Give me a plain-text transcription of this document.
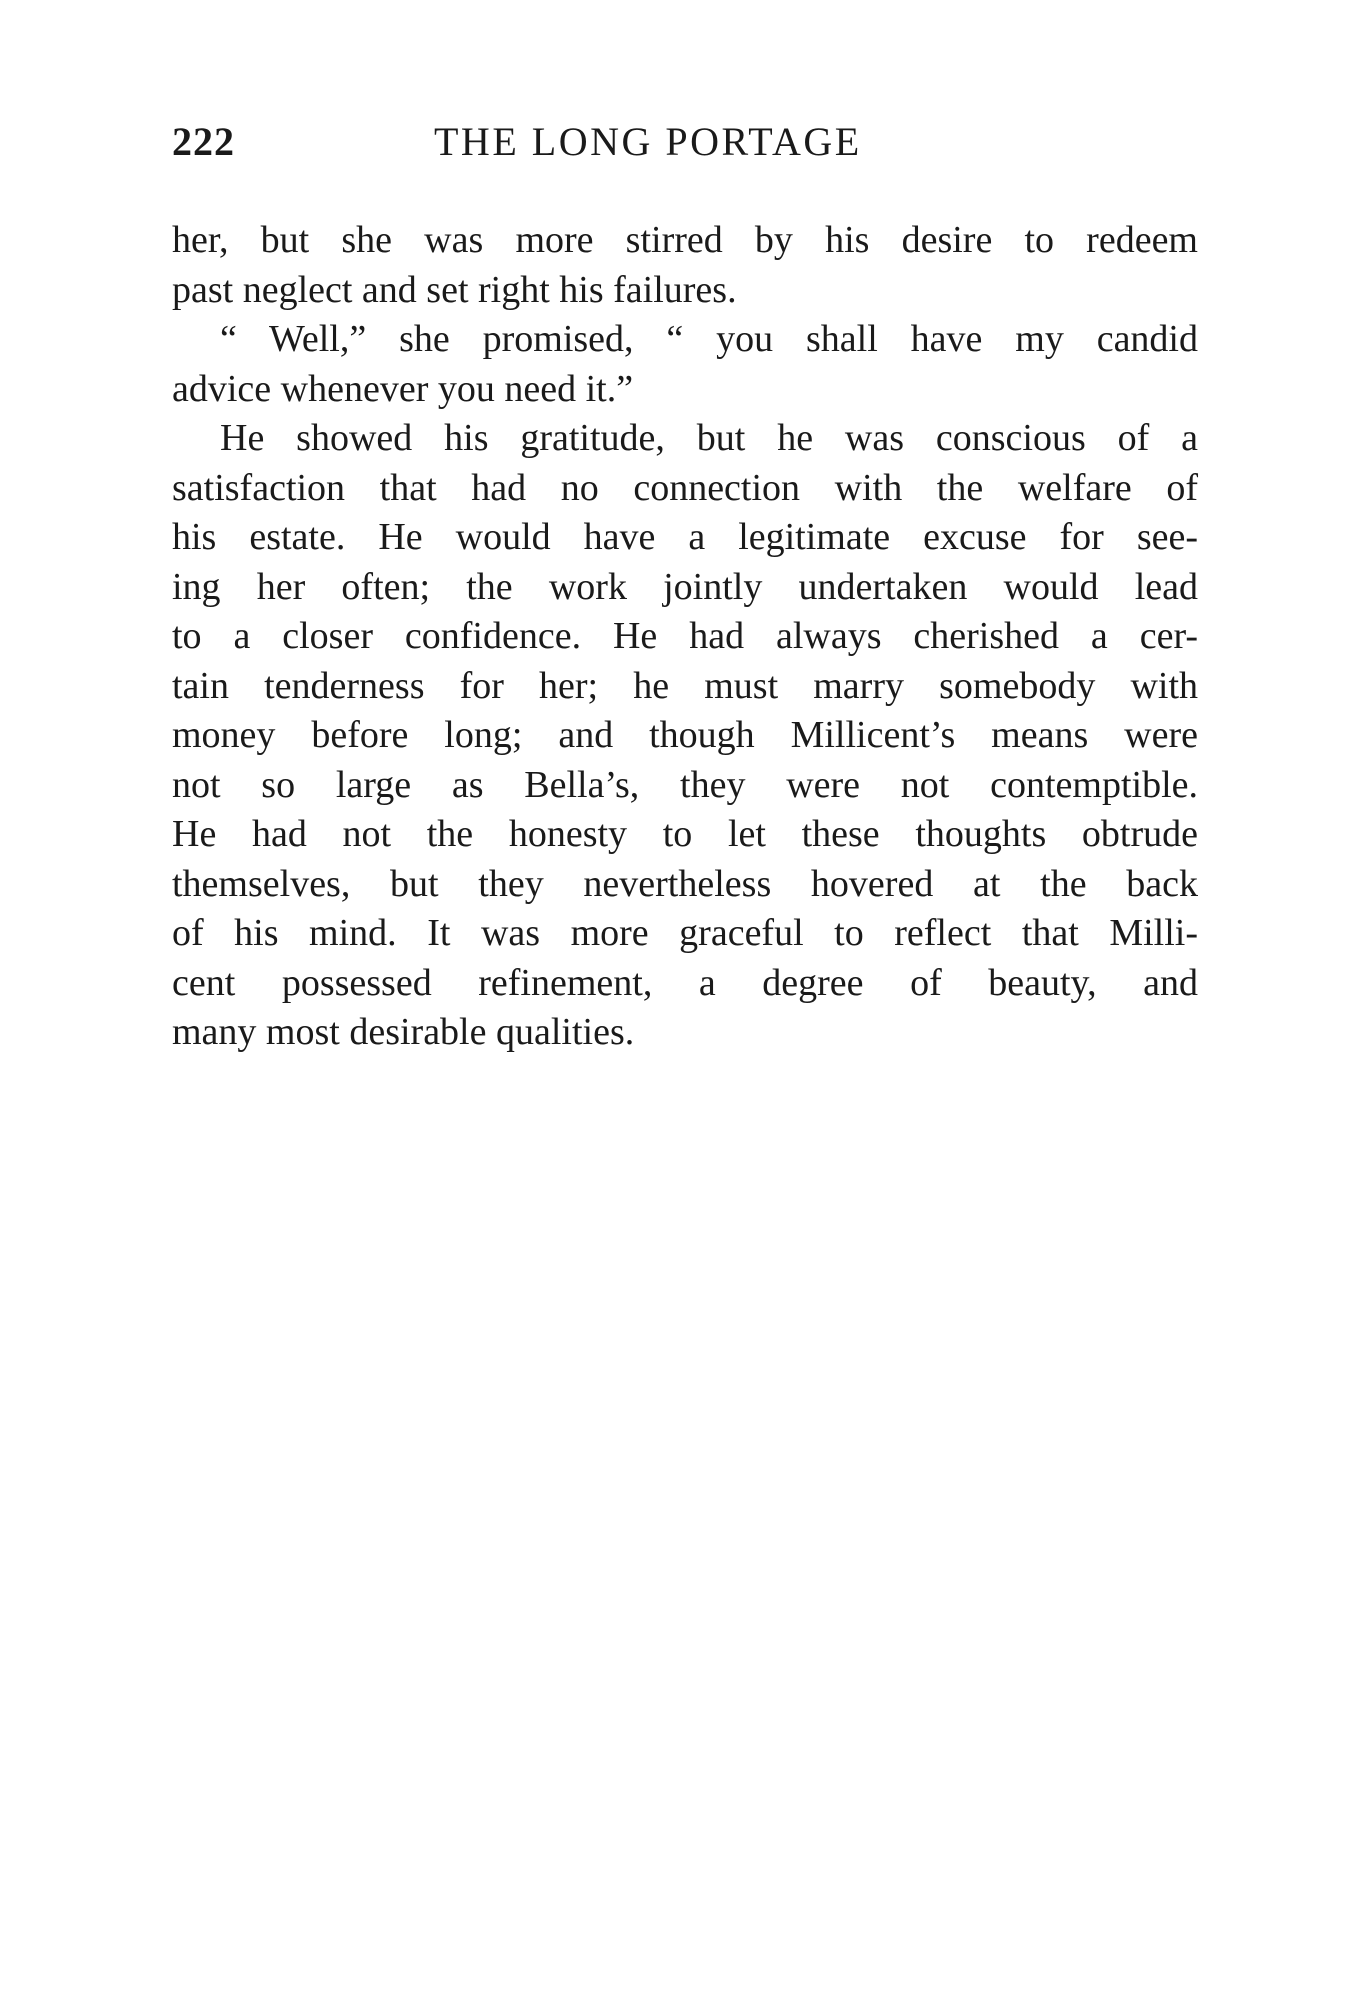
222	THE LONG PORTAGE
her, but she was more stirred by his desire to redeem
past neglect and set right his failures.
“ Well,” she promised, “ you shall have my candid
advice whenever you need it.”
He showed his gratitude, but he was conscious of a
satisfaction that had no connection with the welfare of
his estate. He would have a legitimate excuse for see-
ing her often; the work jointly undertaken would lead
to a closer confidence. He had always cherished a cer-
tain tenderness for her; he must marry somebody with
money before long; and though Millicent’s means were
not so large as Bella’s, they were not contemptible.
He had not the honesty to let these thoughts obtrude
themselves, but they nevertheless hovered at the back
of his mind. It was more graceful to reflect that Milli-
cent possessed refinement, a degree of beauty, and
many most desirable qualities.
